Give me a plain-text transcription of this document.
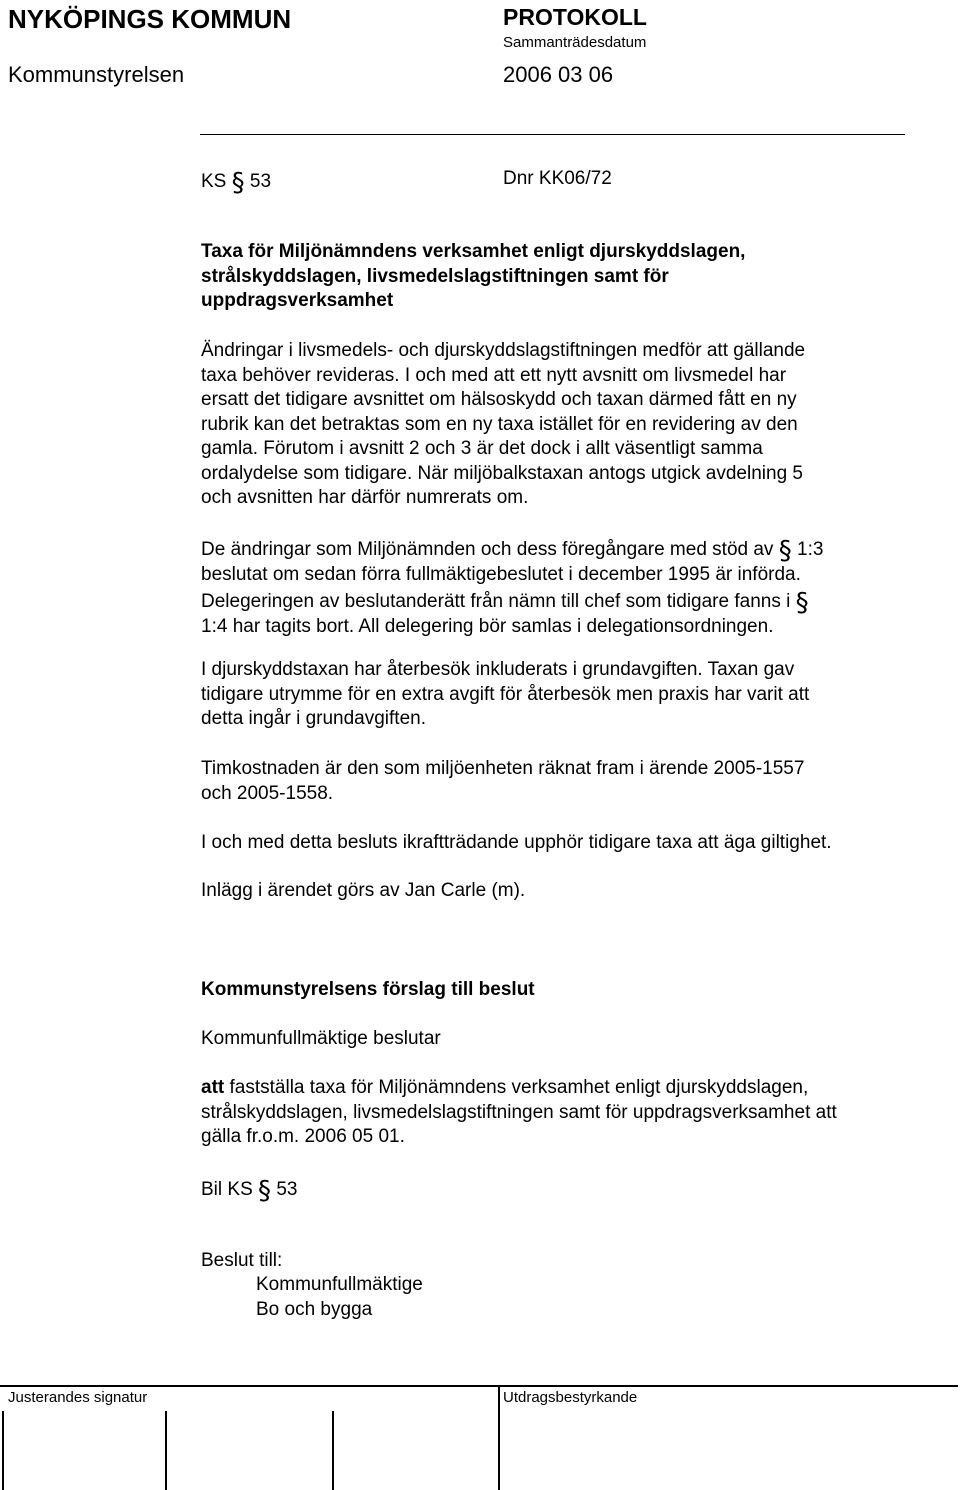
NYKÖPINGS KOMMUN	PROTOKOLL
Sammanträdesdatum
Kommunstyrelsen	2006 03 06
KS § 53	Dnr KK06/72
Taxa för Miljönämndens verksamhet enligt djurskyddslagen,
strålskyddslagen, livsmedelslagstiftningen samt för
uppdragsverksamhet
Ändringar i livsmedels- och djurskyddslagstiftningen medför att gällande
taxa behöver revideras. I och med att ett nytt avsnitt om livsmedel har
ersatt det tidigare avsnittet om hälsoskydd och taxan därmed fått en ny
rubrik kan det betraktas som en ny taxa istället för en revidering av den
gamla. Förutom i avsnitt 2 och 3 är det dock i allt väsentligt samma
ordalydelse som tidigare. När miljöbalkstaxan antogs utgick avdelning 5
och avsnitten har därför numrerats om.
De ändringar som Miljönämnden och dess föregångare med stöd av § 1:3
beslutat om sedan förra fullmäktigebeslutet i december 1995 är införda.
Delegeringen av beslutanderätt från nämn till chef som tidigare fanns i §
1:4 har tagits bort. All delegering bör samlas i delegationsordningen.
I djurskyddstaxan har återbesök inkluderats i grundavgiften. Taxan gav
tidigare utrymme för en extra avgift för återbesök men praxis har varit att
detta ingår i grundavgiften.
Timkostnaden är den som miljöenheten räknat fram i ärende 2005-1557
och 2005-1558.
I och med detta besluts ikraftträdande upphör tidigare taxa att äga giltighet.
Inlägg i ärendet görs av Jan Carle (m).
Kommunstyrelsens förslag till beslut
Kommunfullmäktige beslutar
att fastställa taxa för Miljönämndens verksamhet enligt djurskyddslagen,
strålskyddslagen, livsmedelslagstiftningen samt för uppdragsverksamhet att
gälla fr.o.m. 2006 05 01.
Bil KS § 53
Beslut till:
Kommunfullmäktige
Bo och bygga
Justerandes signatur	Utdragsbestyrkande
